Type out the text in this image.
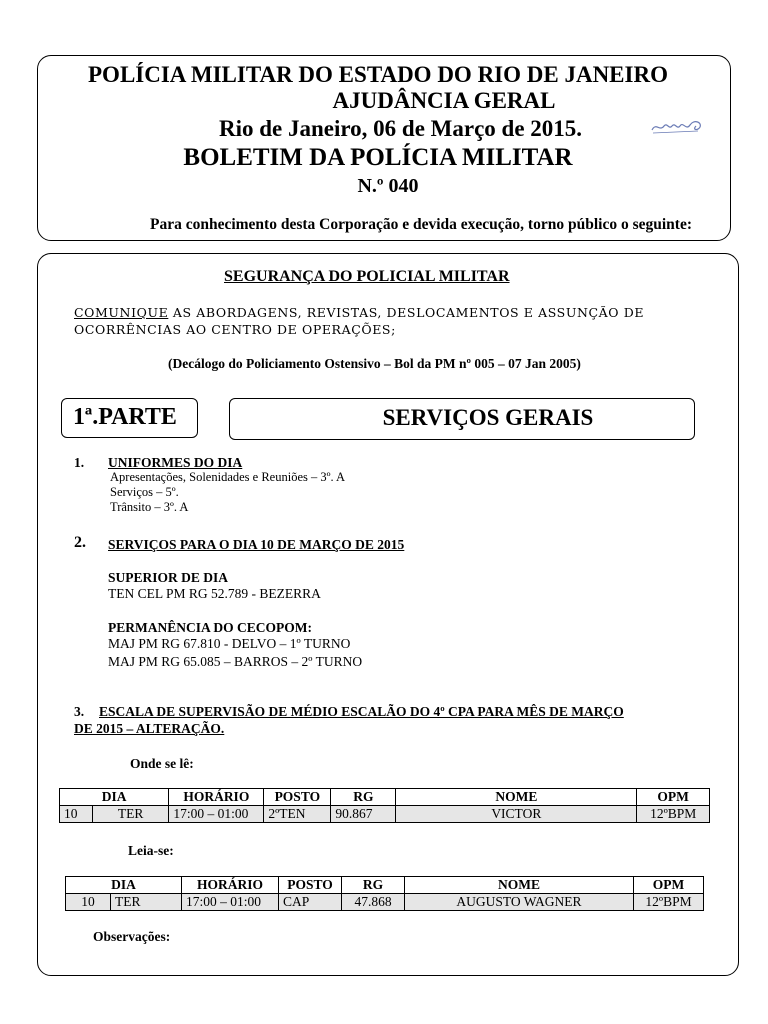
POLÍCIA MILITAR DO ESTADO DO RIO DE JANEIRO
AJUDÂNCIA GERAL
Rio de Janeiro, 06 de Março de 2015.
BOLETIM DA POLÍCIA MILITAR
N.º 040
Para conhecimento desta Corporação e devida execução, torno público o seguinte:
SEGURANÇA DO POLICIAL MILITAR
COMUNIQUE AS ABORDAGENS, REVISTAS, DESLOCAMENTOS E ASSUNÇÃO DE
OCORRÊNCIAS AO CENTRO DE OPERAÇÕES;
(Decálogo do Policiamento Ostensivo – Bol da PM nº 005 – 07 Jan 2005)
1ª.PARTE	SERVIÇOS GERAIS
1. UNIFORMES DO DIA
Apresentações, Solenidades e Reuniões – 3º. A
Serviços – 5º.
Trânsito – 3º. A
2. SERVIÇOS PARA O DIA 10 DE MARÇO DE 2015
SUPERIOR DE DIA
TEN CEL PM RG 52.789 - BEZERRA
PERMANÊNCIA DO CECOPOM:
MAJ PM RG 67.810 - DELVO – 1º TURNO
MAJ PM RG 65.085 – BARROS – 2º TURNO
3. ESCALA DE SUPERVISÃO DE MÉDIO ESCALÃO DO 4º CPA PARA MÊS DE MARÇO
DE 2015 – ALTERAÇÃO.
Onde se lê:
DIA		HORÁRIO	POSTO	RG	NOME	OPM
10	TER	17:00 – 01:00	2ºTEN	90.867	VICTOR	12ºBPM
Leia-se:
DIA		HORÁRIO	POSTO	RG	NOME	OPM
10	TER	17:00 – 01:00	CAP	47.868	AUGUSTO WAGNER	12ºBPM
Observações:
